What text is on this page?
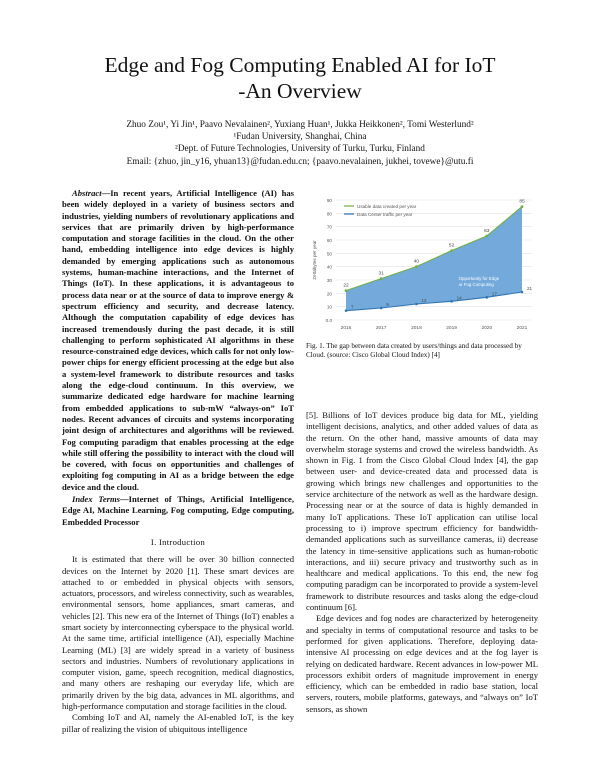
Edge and Fog Computing Enabled AI for IoT
-An Overview
Zhuo Zou¹, Yi Jin¹, Paavo Nevalainen², Yuxiang Huan¹, Jukka Heikkonen², Tomi Westerlund²
¹Fudan University, Shanghai, China
²Dept. of Future Technologies, University of Turku, Turku, Finland
Email: {zhuo, jin_y16, yhuan13}@fudan.edu.cn; {paavo.nevalainen, jukhei, tovewe}@utu.fi

Abstract—In recent years, Artificial Intelligence (AI) has been widely deployed in a variety of business sectors and industries, yielding numbers of revolutionary applications and services that are primarily driven by high-performance computation and storage facilities in the cloud. On the other hand, embedding intelligence into edge devices is highly demanded by emerging applications such as autonomous systems, human-machine interactions, and the Internet of Things (IoT). In these applications, it is advantageous to process data near or at the source of data to improve energy & spectrum efficiency and security, and decrease latency. Although the computation capability of edge devices has increased tremendously during the past decade, it is still challenging to perform sophisticated AI algorithms in these resource-constrained edge devices, which calls for not only low-power chips for energy efficient processing at the edge but also a system-level framework to distribute resources and tasks along the edge-cloud continuum. In this overview, we summarize dedicated edge hardware for machine learning from embedded applications to sub-mW “always-on” IoT nodes. Recent advances of circuits and systems incorporating joint design of architectures and algorithms will be reviewed. Fog computing paradigm that enables processing at the edge while still offering the possibility to interact with the cloud will be covered, with focus on opportunities and challenges of exploiting fog computing in AI as a bridge between the edge device and the cloud.

Index Terms—Internet of Things, Artificial Intelligence, Edge AI, Machine Learning, Fog computing, Edge computing, Embedded Processor

I. Introduction

It is estimated that there will be over 30 billion connected devices on the Internet by 2020 [1]. These smart devices are attached to or embedded in physical objects with sensors, actuators, processors, and wireless connectivity, such as wearables, environmental sensors, home appliances, smart cameras, and vehicles [2]. This new era of the Internet of Things (IoT) enables a smart society by interconnecting cyberspace to the physical world. At the same time, artificial intelligence (AI), especially Machine Learning (ML) [3] are widely spread in a variety of business sectors and industries. Numbers of revolutionary applications in computer vision, game, speech recognition, medical diagnostics, and many others are reshaping our everyday life, which are primarily driven by the big data, advances in ML algorithms, and high-performance computation and storage facilities in the cloud.

Combing IoT and AI, namely the AI-enabled IoT, is the key pillar of realizing the vision of ubiquitous intelligence

0.0
10
20
30
40
50
60
70
80
90
2016	2017	2018	2019	2020	2021
Zettabytes per year
22
31
40
52
63
85
7
9
12
14
17
21
Usable data created per year
Data Center traffic per year
Opportunity for Edge
or Fog Computing
Fig. 1. The gap between data created by users/things and data processed by Cloud. (source: Cisco Global Cloud Index) [4]

[5]. Billions of IoT devices produce big data for ML, yielding intelligent decisions, analytics, and other added values of data as the return. On the other hand, massive amounts of data may overwhelm storage systems and crowd the wireless bandwidth. As shown in Fig. 1 from the Cisco Global Cloud Index [4], the gap between user- and device-created data and processed data is growing which brings new challenges and opportunities to the service architecture of the network as well as the hardware design. Processing near or at the source of data is highly demanded in many IoT applications. These IoT application can utilise local processing to i) improve spectrum efficiency for bandwidth-demanded applications such as surveillance cameras, ii) decrease the latency in time-sensitive applications such as human-robotic interactions, and iii) secure privacy and trustworthy such as in healthcare and medical applications. To this end, the new fog computing paradigm can be incorporated to provide a system-level framework to distribute resources and tasks along the edge-cloud continuum [6].

Edge devices and fog nodes are characterized by heterogeneity and specialty in terms of computational resource and tasks to be performed for given applications. Therefore, deploying data-intensive AI processing on edge devices and at the fog layer is relying on dedicated hardware. Recent advances in low-power ML processors exhibit orders of magnitude improvement in energy efficiency, which can be embedded in radio base station, local servers, routers, mobile platforms, gateways, and “always on” IoT sensors, as shown
